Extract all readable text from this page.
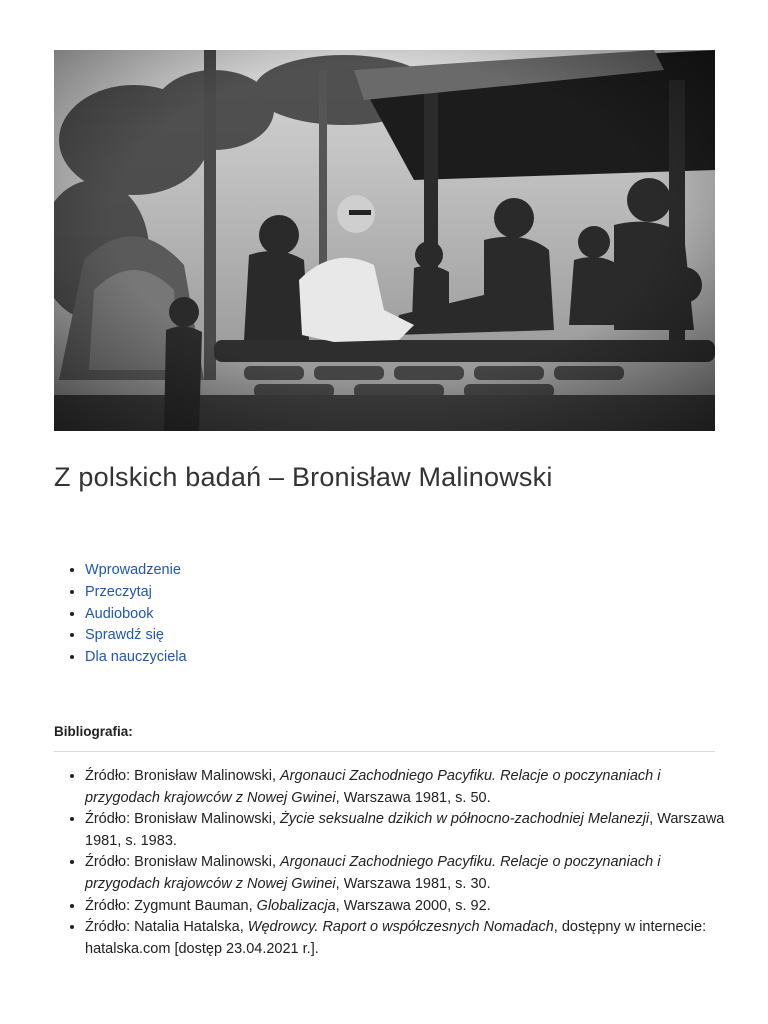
Z polskich badań – Bronisław Malinowski
• Wprowadzenie
• Przeczytaj
• Audiobook
• Sprawdź się
• Dla nauczyciela
Bibliografia:
• Źródło: Bronisław Malinowski, Argonauci Zachodniego Pacyfiku. Relacje o poczynaniach i przygodach krajowców z Nowej Gwinei, Warszawa 1981, s. 50.
• Źródło: Bronisław Malinowski, Życie seksualne dzikich w północno-zachodniej Melanezji, Warszawa 1981, s. 1983.
• Źródło: Bronisław Malinowski, Argonauci Zachodniego Pacyfiku. Relacje o poczynaniach i przygodach krajowców z Nowej Gwinei, Warszawa 1981, s. 30.
• Źródło: Zygmunt Bauman, Globalizacja, Warszawa 2000, s. 92.
• Źródło: Natalia Hatalska, Wędrowcy. Raport o współczesnych Nomadach, dostępny w internecie: hatalska.com [dostęp 23.04.2021 r.].
